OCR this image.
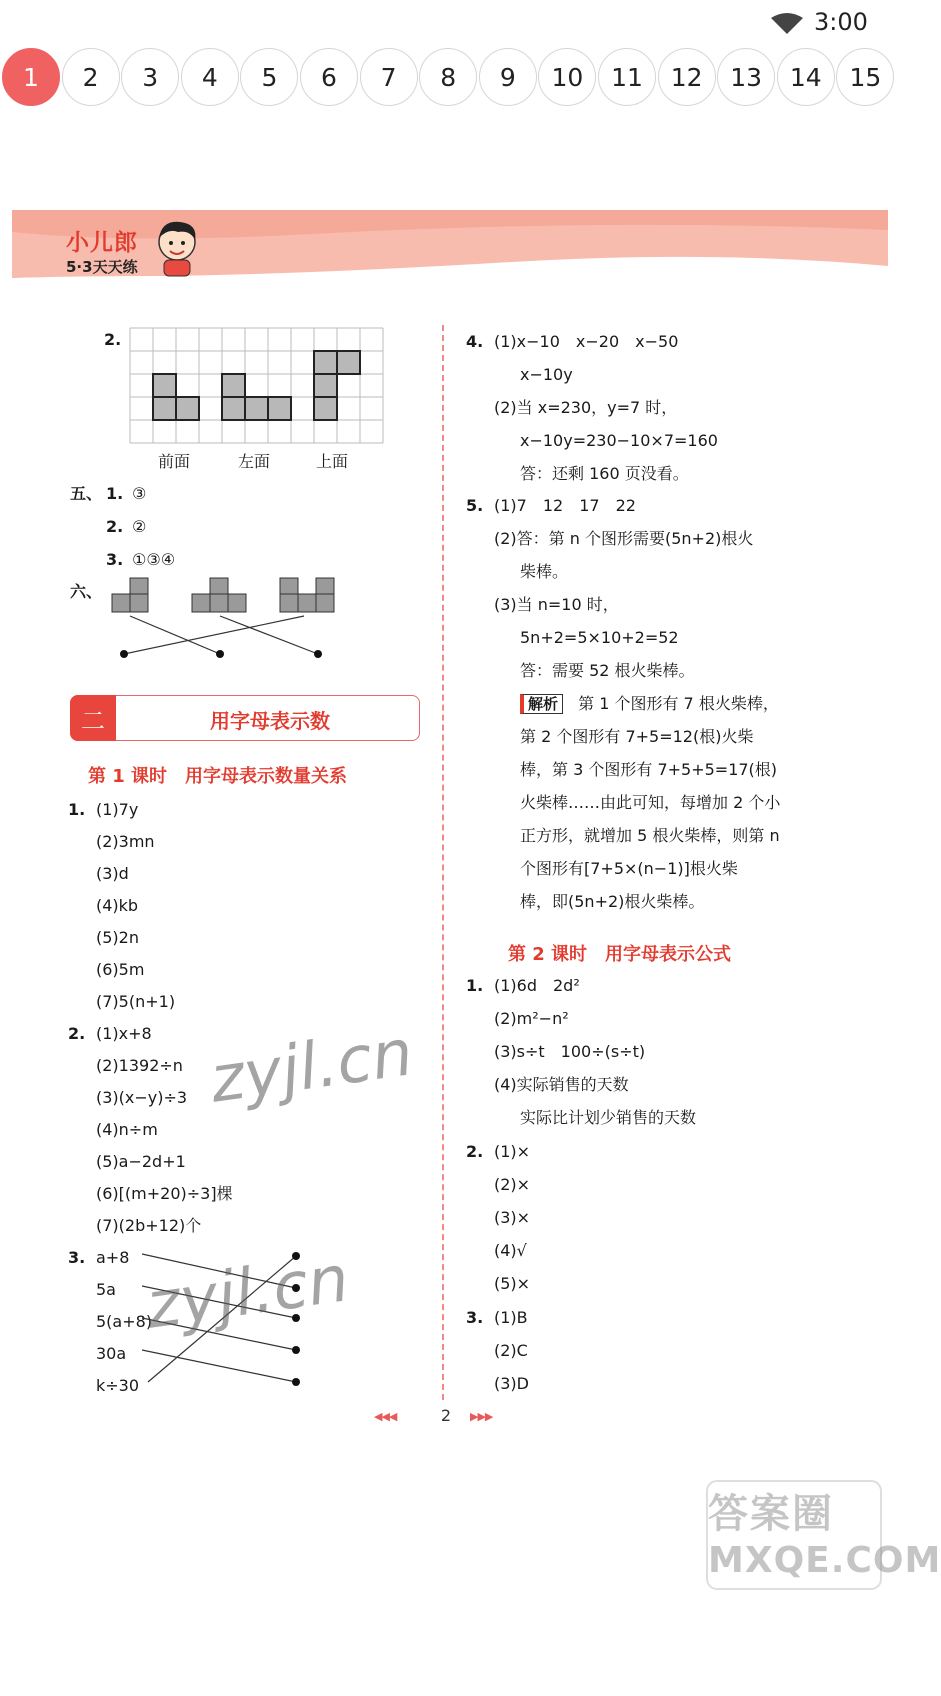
3:00
1	2	3	4	5	6	7	8	9	10	11	12	13	14	15
小儿郎
5·3天天练
2.
前面	左面	上面
五、 1. ③
2. ②
3. ①③④
六、
二	用字母表示数
第 1 课时　用字母表示数量关系
1. (1)7y
(2)3mn
(3)d
(4)kb
(5)2n
(6)5m
(7)5(n+1)
2. (1)x+8
(2)1392÷n
(3)(x−y)÷3
(4)n÷m
(5)a−2d+1
(6)[(m+20)÷3]棵
(7)(2b+12)个
3. a+8
5a
5(a+8)
30a
k÷30
4. (1)x−10　x−20　x−50
x−10y
(2)当 x=230，y=7 时，
x−10y=230−10×7=160
答：还剩 160 页没看。
5. (1)7　12　17　22
(2)答：第 n 个图形需要(5n+2)根火
柴棒。
(3)当 n=10 时，
5n+2=5×10+2=52
答：需要 52 根火柴棒。
解析 第 1 个图形有 7 根火柴棒，
第 2 个图形有 7+5=12(根)火柴
棒，第 3 个图形有 7+5+5=17(根)
火柴棒……由此可知，每增加 2 个小
正方形，就增加 5 根火柴棒，则第 n
个图形有[7+5×(n−1)]根火柴
棒，即(5n+2)根火柴棒。
第 2 课时　用字母表示公式
1. (1)6d　2d²
(2)m²−n²
(3)s÷t　100÷(s÷t)
(4)实际销售的天数
实际比计划少销售的天数
2. (1)×
(2)×
(3)×
(4)√
(5)×
3. (1)B
(2)C
(3)D
◀◀◀	2	▶▶▶
zyjl.cn
zyjl.cn
答案圈
MXQE.COM
